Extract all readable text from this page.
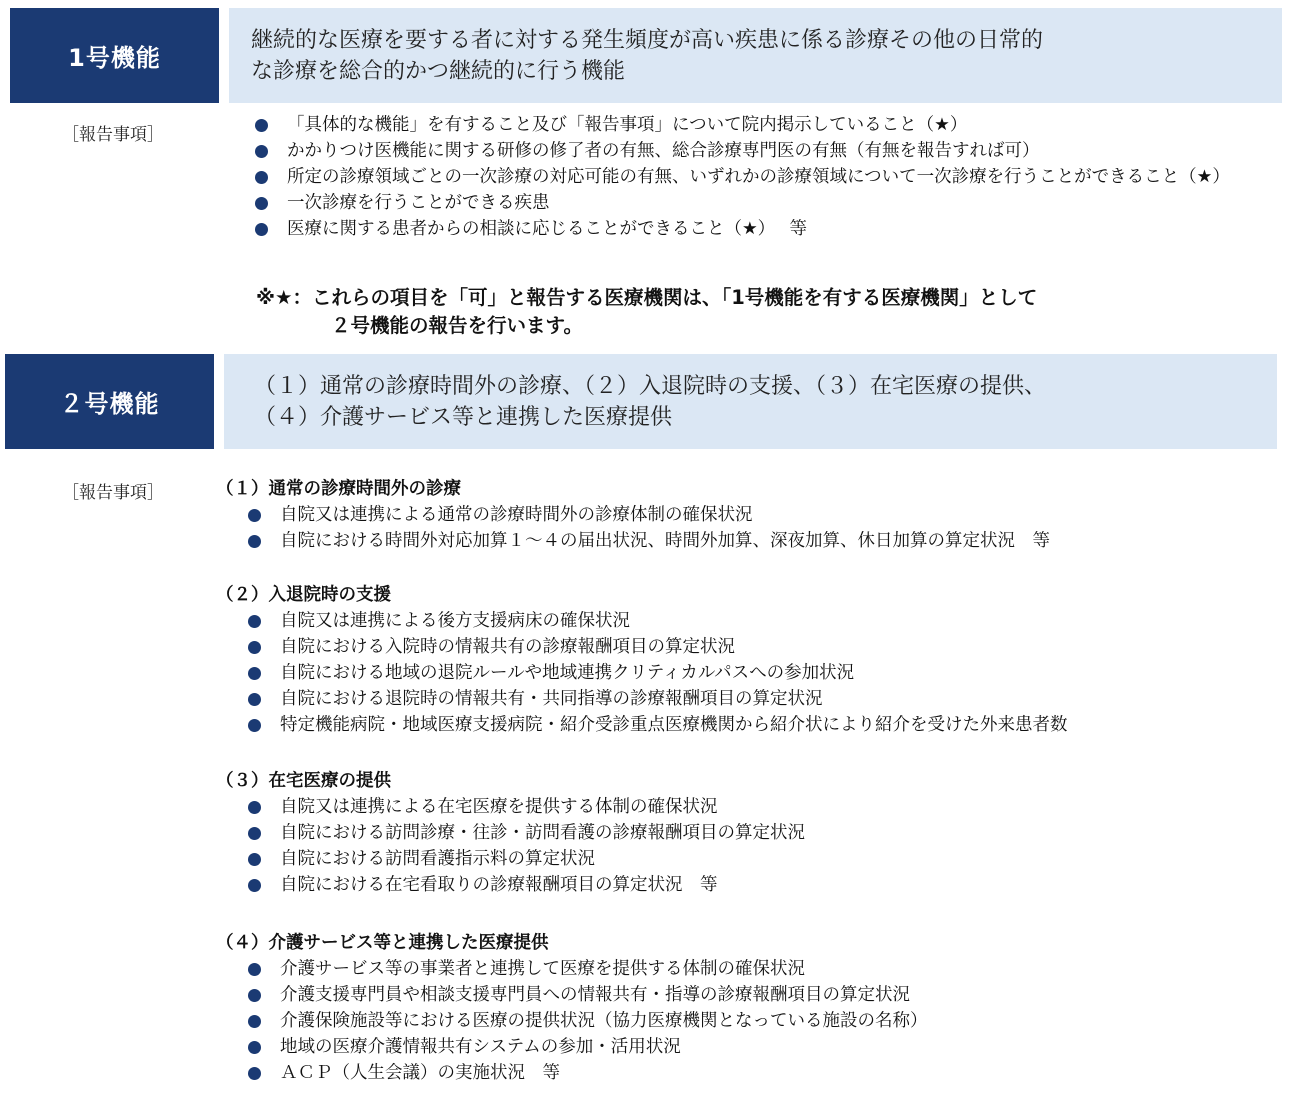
1号機能
継続的な医療を要する者に対する発生頻度が高い疾患に係る診療その他の日常的
な診療を総合的かつ継続的に行う機能
［報告事項］	「具体的な機能」を有すること及び「報告事項」について院内掲示していること（★）
かかりつけ医機能に関する研修の修了者の有無、総合診療専門医の有無（有無を報告すれば可）
所定の診療領域ごとの一次診療の対応可能の有無、いずれかの診療領域について一次診療を行うことができること（★）
一次診療を行うことができる疾患
医療に関する患者からの相談に応じることができること（★）　 等
※★：これらの項目を「可」と報告する医療機関は、「1号機能を有する医療機関」として
２号機能の報告を行います。
２号機能
（１）通常の診療時間外の診療、（２）入退院時の支援、（３）在宅医療の提供、
（４）介護サービス等と連携した医療提供
［報告事項］	（１）通常の診療時間外の診療
自院又は連携による通常の診療時間外の診療体制の確保状況
自院における時間外対応加算１～４の届出状況、時間外加算、深夜加算、休日加算の算定状況　等
（２）入退院時の支援
自院又は連携による後方支援病床の確保状況
自院における入院時の情報共有の診療報酬項目の算定状況
自院における地域の退院ルールや地域連携クリティカルパスへの参加状況
自院における退院時の情報共有・共同指導の診療報酬項目の算定状況
特定機能病院・地域医療支援病院・紹介受診重点医療機関から紹介状により紹介を受けた外来患者数
（３）在宅医療の提供
自院又は連携による在宅医療を提供する体制の確保状況
自院における訪問診療・往診・訪問看護の診療報酬項目の算定状況
自院における訪問看護指示料の算定状況
自院における在宅看取りの診療報酬項目の算定状況　等
（４）介護サービス等と連携した医療提供
介護サービス等の事業者と連携して医療を提供する体制の確保状況
介護支援専門員や相談支援専門員への情報共有・指導の診療報酬項目の算定状況
介護保険施設等における医療の提供状況（協力医療機関となっている施設の名称）
地域の医療介護情報共有システムの参加・活用状況
ＡＣＰ（人生会議）の実施状況　等
